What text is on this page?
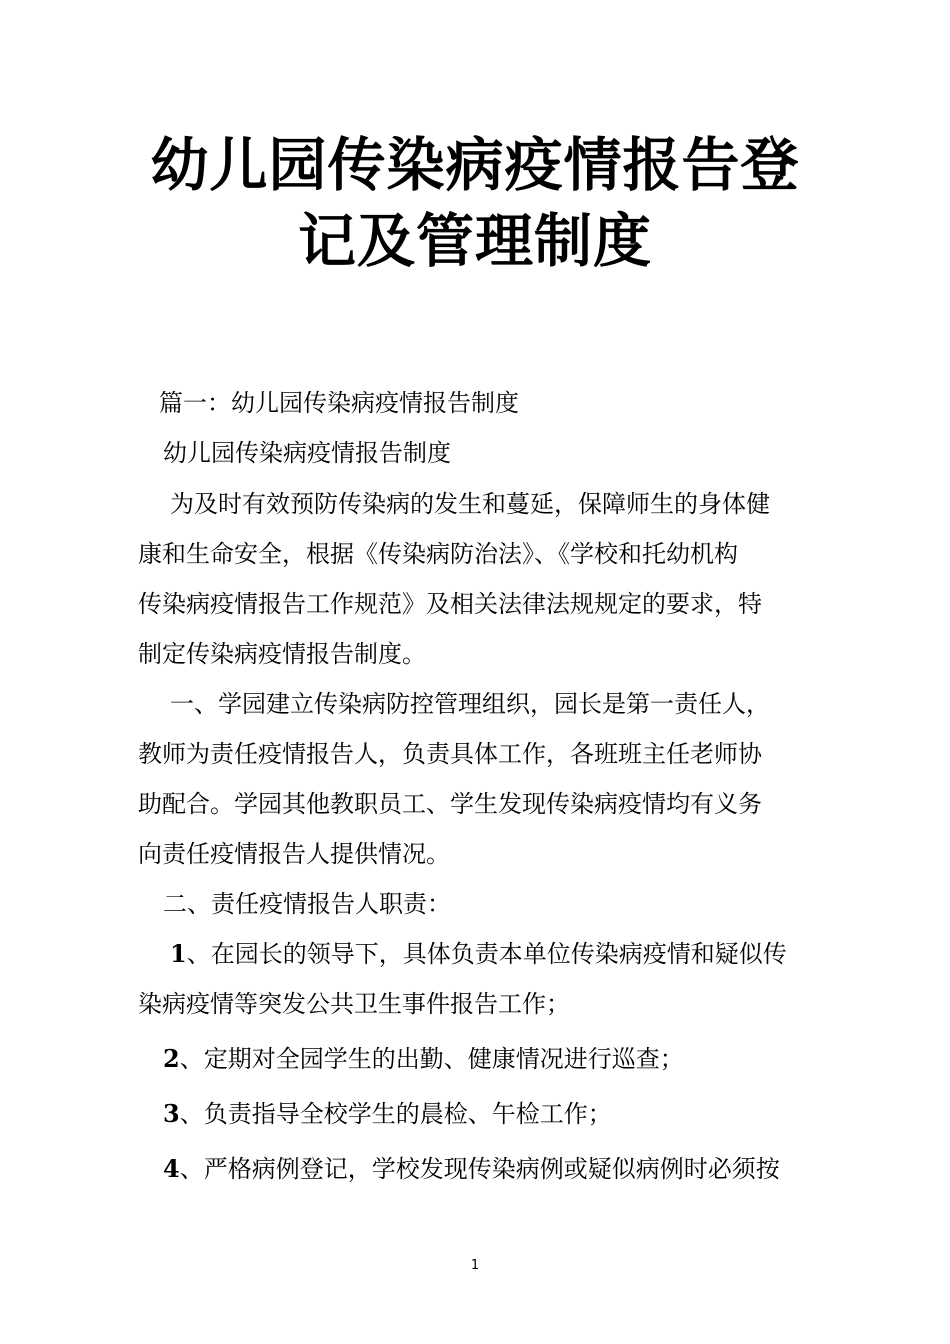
幼儿园传染病疫情报告登
记及管理制度

篇一：幼儿园传染病疫情报告制度

幼儿园传染病疫情报告制度

为及时有效预防传染病的发生和蔓延，保障师生的身体健

康和生命安全，根据《传染病防治法》、《学校和托幼机构

传染病疫情报告工作规范》及相关法律法规规定的要求，特

制定传染病疫情报告制度。

一、学园建立传染病防控管理组织，园长是第一责任人，

教师为责任疫情报告人，负责具体工作，各班班主任老师协

助配合。学园其他教职员工、学生发现传染病疫情均有义务

向责任疫情报告人提供情况。

二、责任疫情报告人职责：

1、在园长的领导下，具体负责本单位传染病疫情和疑似传

染病疫情等突发公共卫生事件报告工作；

2、定期对全园学生的出勤、健康情况进行巡查；

3、负责指导全校学生的晨检、午检工作；

4、严格病例登记，学校发现传染病例或疑似病例时必须按

1
